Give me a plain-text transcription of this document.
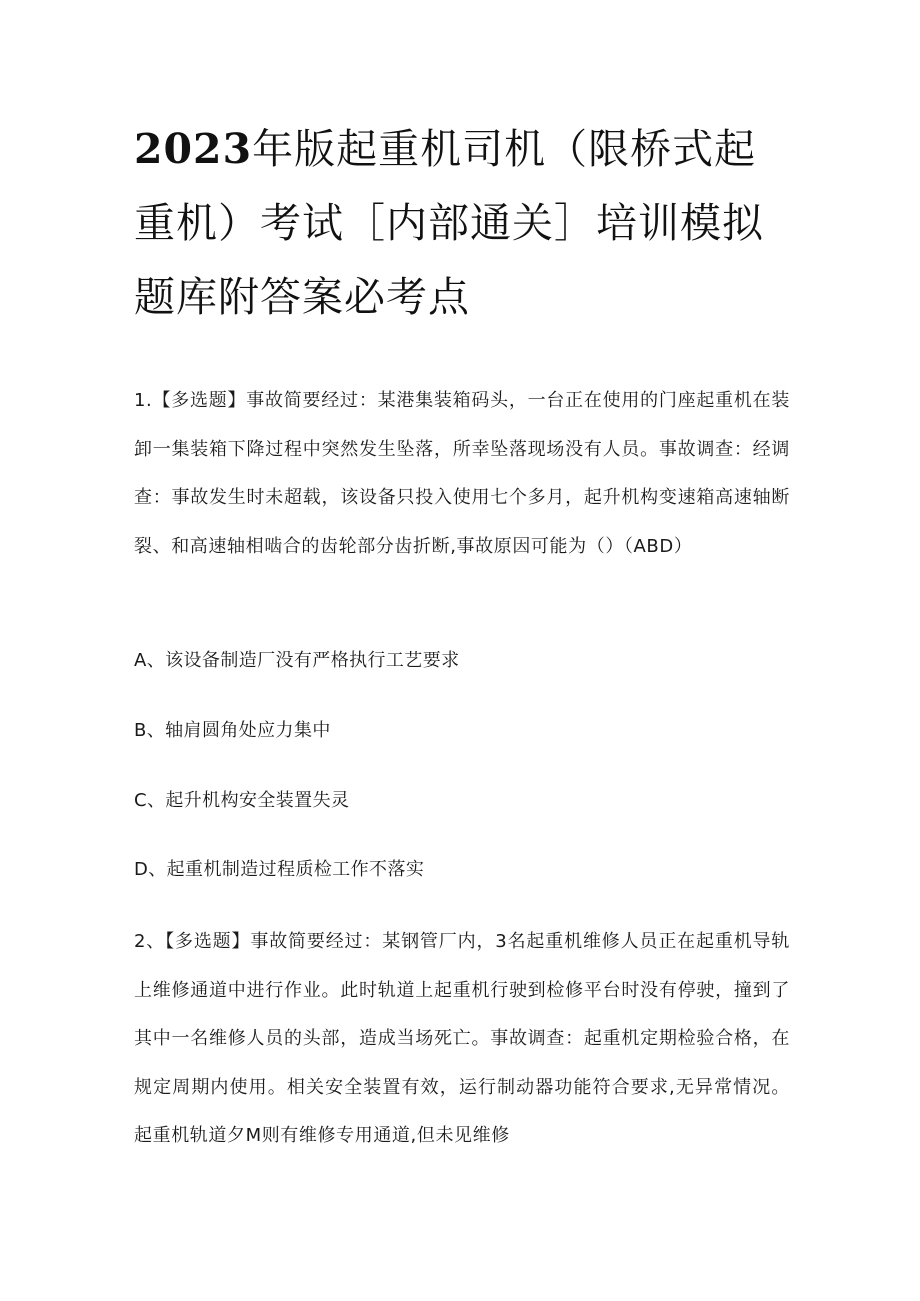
2023年版起重机司机（限桥式起重机）考试［内部通关］培训模拟题库附答案必考点

1.【多选题】事故简要经过：某港集装箱码头，一台正在使用的门座起重机在装卸一集装箱下降过程中突然发生坠落，所幸坠落现场没有人员。事故调查：经调查：事故发生时未超载，该设备只投入使用七个多月，起升机构变速箱高速轴断裂、和高速轴相啮合的齿轮部分齿折断,事故原因可能为（）（ABD）

A、该设备制造厂没有严格执行工艺要求

B、轴肩圆角处应力集中

C、起升机构安全装置失灵

D、起重机制造过程质检工作不落实

2、【多选题】事故简要经过：某钢管厂内，3名起重机维修人员正在起重机导轨上维修通道中进行作业。此时轨道上起重机行驶到检修平台时没有停驶，撞到了其中一名维修人员的头部，造成当场死亡。事故调查：起重机定期检验合格，在规定周期内使用。相关安全装置有效，运行制动器功能符合要求,无异常情况。起重机轨道夕M则有维修专用通道,但未见维修
